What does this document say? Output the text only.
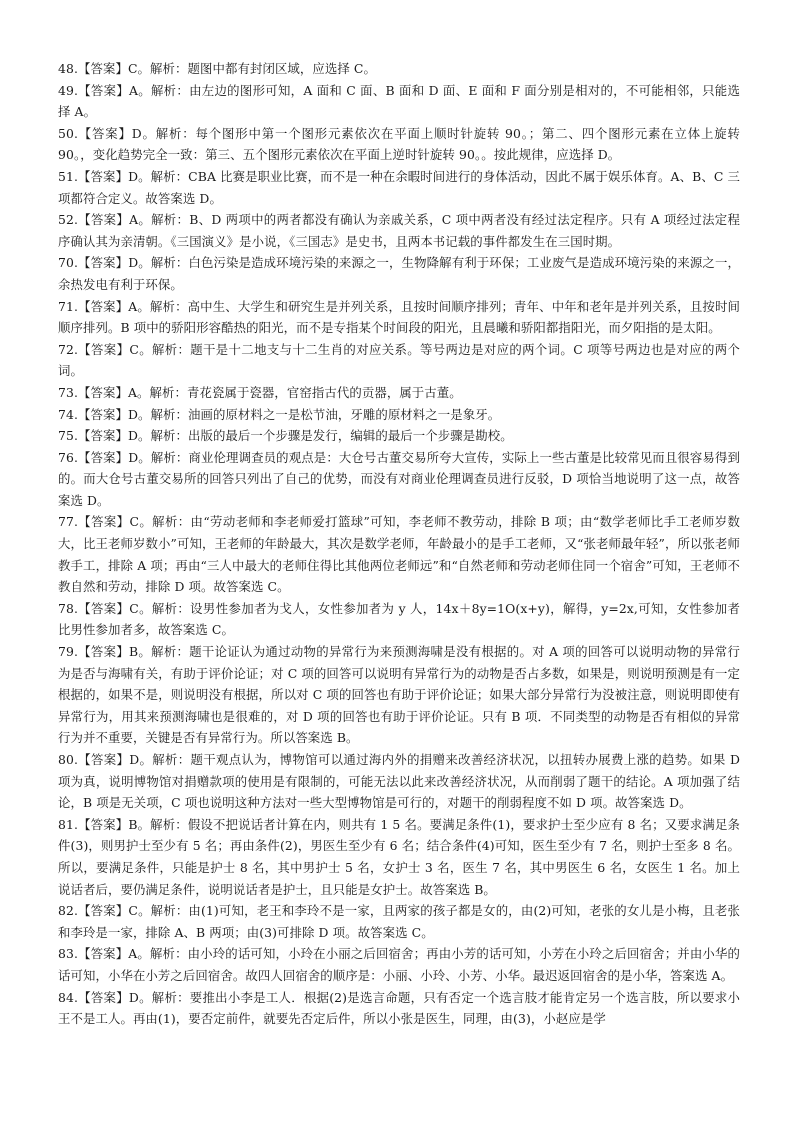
48.【答案】C。解析：题图中都有封闭区域，应选择 C。

49.【答案】A。解析：由左边的图形可知，A 面和 C 面、B 面和 D 面、E 面和 F 面分别是相对的，不可能相邻，只能选择 A。

50.【答案】D。解析：每个图形中第一个图形元素依次在平面上顺时针旋转 90。；第二、四个图形元素在立体上旋转 90。，变化趋势完全一致：第三、五个图形元素依次在平面上逆时针旋转 90。。按此规律，应选择 D。

51.【答案】D。解析：CBA 比赛是职业比赛，而不是一种在余暇时间进行的身体活动，因此不属于娱乐体育。A、B、C 三项都符合定义。故答案选 D。

52.【答案】A。解析：B、D 两项中的两者都没有确认为亲戚关系，C 项中两者没有经过法定程序。只有 A 项经过法定程序确认其为亲清朝。《三国演义》是小说，《三国志》是史书，且两本书记载的事件都发生在三国时期。

70.【答案】D。解析：白色污染是造成环境污染的来源之一，生物降解有利于环保；工业废气是造成环境污染的来源之一，余热发电有利于环保。

71.【答案】A。解析：高中生、大学生和研究生是并列关系，且按时间顺序排列；青年、中年和老年是并列关系，且按时间顺序排列。B 项中的骄阳形容酷热的阳光，而不是专指某个时间段的阳光，且晨曦和骄阳都指阳光，而夕阳指的是太阳。

72.【答案】C。解析：题干是十二地支与十二生肖的对应关系。等号两边是对应的两个词。C 项等号两边也是对应的两个词。

73.【答案】A。解析：青花瓷属于瓷器，官窑指古代的贡器，属于古董。

74.【答案】D。解析：油画的原材料之一是松节油，牙雕的原材料之一是象牙。

75.【答案】D。解析：出版的最后一个步骤是发行，编辑的最后一个步骤是勘校。

76.【答案】D。解析：商业伦理调查员的观点是：大仓号古董交易所夸大宣传，实际上一些古董是比较常见而且很容易得到的。而大仓号古董交易所的回答只列出了自己的优势，而没有对商业伦理调查员进行反驳，D 项恰当地说明了这一点，故答案选 D。

77.【答案】C。解析：由“劳动老师和李老师爱打篮球”可知，李老师不教劳动，排除 B 项；由“数学老师比手工老师岁数大，比王老师岁数小”可知，王老师的年龄最大，其次是数学老师，年龄最小的是手工老师，又“张老师最年轻”，所以张老师教手工，排除 A 项；再由“三人中最大的老师住得比其他两位老师远”和“自然老师和劳动老师住同一个宿舍”可知，王老师不教自然和劳动，排除 D 项。故答案选 C。

78.【答案】C。解析：设男性参加者为戈人，女性参加者为 y 人，14x＋8y=1O(x+y)，解得，y=2x,可知，女性参加者比男性参加者多，故答案选 C。

79.【答案】B。解析：题干论证认为通过动物的异常行为来预测海啸是没有根据的。对 A 项的回答可以说明动物的异常行为是否与海啸有关，有助于评价论证；对 C 项的回答可以说明有异常行为的动物是否占多数，如果是，则说明预测是有一定根据的，如果不是，则说明没有根据，所以对 C 项的回答也有助于评价论证；如果大部分异常行为没被注意，则说明即使有异常行为，用其来预测海啸也是很难的，对 D 项的回答也有助于评价论证。只有 B 项．不同类型的动物是否有相似的异常行为并不重要，关键是否有异常行为。所以答案选 B。

80.【答案】D。解析：题干观点认为，博物馆可以通过海内外的捐赠来改善经济状况，以扭转办展费上涨的趋势。如果 D 项为真，说明博物馆对捐赠款项的使用是有限制的，可能无法以此来改善经济状况，从而削弱了题干的结论。A 项加强了结论，B 项是无关项，C 项也说明这种方法对一些大型博物馆是可行的，对题干的削弱程度不如 D 项。故答案选 D。

81.【答案】B。解析：假设不把说话者计算在内，则共有 1 5 名。要满足条件(1)，要求护士至少应有 8 名；又要求满足条件(3)，则男护士至少有 5 名；再由条件(2)，男医生至少有 6 名；结合条件(4)可知，医生至少有 7 名，则护士至多 8 名。所以，要满足条件，只能是护士 8 名，其中男护士 5 名，女护士 3 名，医生 7 名，其中男医生 6 名，女医生 1 名。加上说话者后，要仍满足条件，说明说话者是护士，且只能是女护士。故答案选 B。

82.【答案】C。解析：由(1)可知，老王和李玲不是一家，且两家的孩子都是女的，由(2)可知，老张的女儿是小梅，且老张和李玲是一家，排除 A、B 两项；由(3)可排除 D 项。故答案选 C。

83.【答案】A。解析：由小玲的话可知，小玲在小丽之后回宿舍；再由小芳的话可知，小芳在小玲之后回宿舍；并由小华的话可知，小华在小芳之后回宿舍。故四人回宿舍的顺序是：小丽、小玲、小芳、小华。最迟返回宿舍的是小华，答案选 A。

84.【答案】D。解析：要推出小李是工人．根据(2)是选言命题，只有否定一个选言肢才能肯定另一个选言肢，所以要求小王不是工人。再由(1)，要否定前件，就要先否定后件，所以小张是医生，同理，由(3)，小赵应是学
